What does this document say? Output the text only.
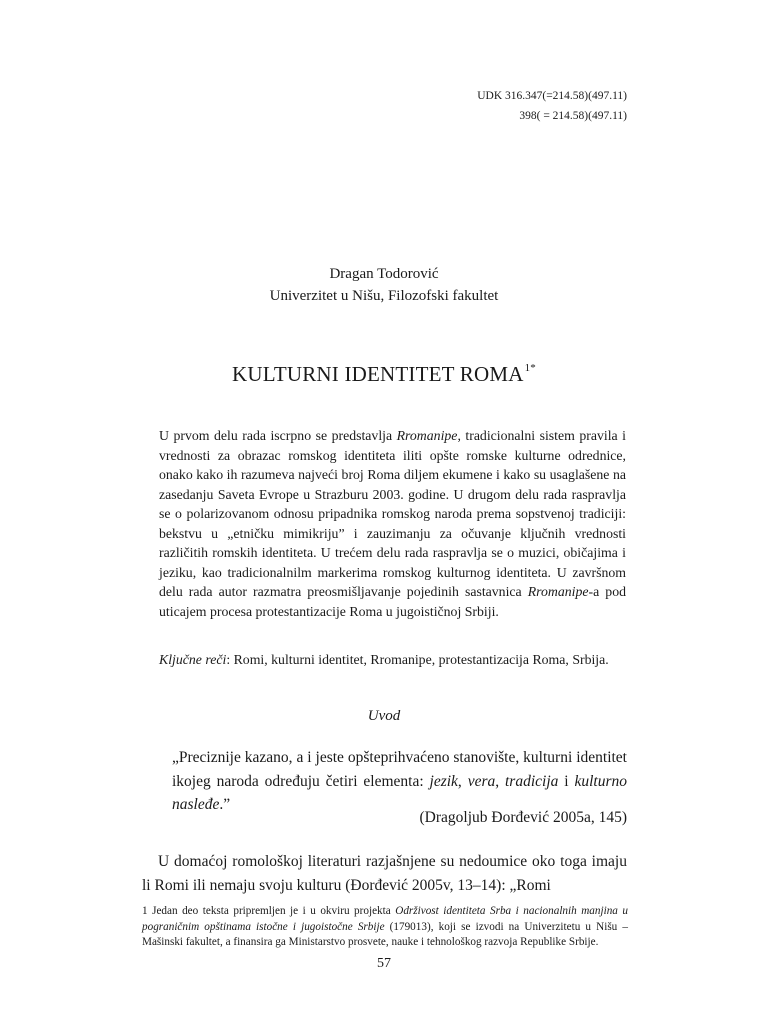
UDK 316.347(=214.58)(497.11)
398( = 214.58)(497.11)
Dragan Todorović
Univerzitet u Nišu, Filozofski fakultet
KULTURNI IDENTITET $ROMA^{1*}$

U prvom delu rada iscrpno se predstavlja Rromanipe, tradicionalni sistem pravila i vrednosti za obrazac romskog identiteta iliti opšte romske kulturne odrednice, onako kako ih razumeva najveći broj Roma diljem ekumene i kako su usaglašene na zasedanju Saveta Evrope u Strazburu 2003. godine. U drugom delu rada raspravlja se o polarizovanom odnosu pripadnika romskog naroda prema sopstvenoj tradiciji: bekstvu u „etničku mimikriju” i zauzimanju za očuvanje ključnih vrednosti različitih romskih identiteta. U trećem delu rada raspravlja se o muzici, običajima i jeziku, kao tradicionalnilm markerima romskog kulturnog identiteta. U završnom delu rada autor razmatra preosmišljavanje pojedinih sastavnica Rromanipe-a pod uticajem procesa protestantizacije Roma u jugoističnoj Srbiji.

Ključne reči: Romi, kulturni identitet, Rromanipe, protestantizacija Roma, Srbija.
Uvod
„Preciznije kazano, a i jeste opšteprihvaćeno stanovište, kulturni identitet ikojeg naroda određuju četiri elementa: jezik, vera, tradicija i kulturno nasleđe.”
(Dragoljub Đorđević 2005a, 145)
U domaćoj romološkoj literaturi razjašnjene su nedoumice oko toga imaju li Romi ili nemaju svoju kulturu (Đorđević 2005v, 13–14): „Romi
1 Jedan deo teksta pripremljen je i u okviru projekta Održivost identiteta Srba i nacionalnih manjina u pograničnim opštinama istočne i jugoistočne Srbije (179013), koji se izvodi na Univerzitetu u Nišu – Mašinski fakultet, a finansira ga Ministarstvo prosvete, nauke i tehnološkog razvoja Republike Srbije.
57
